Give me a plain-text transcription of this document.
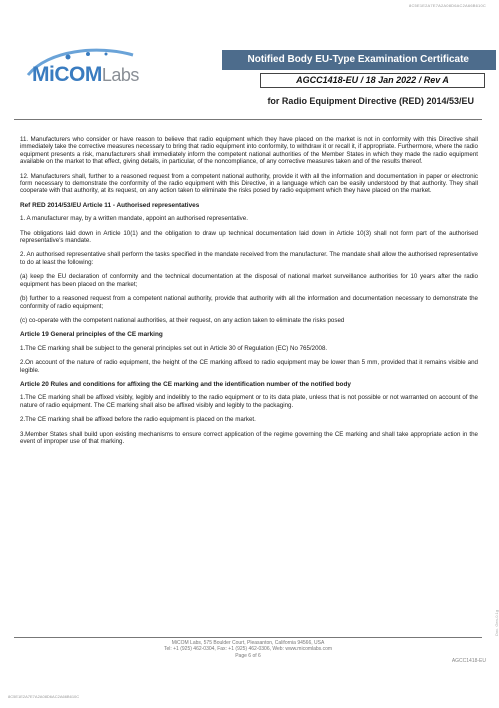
8C5E1E2A7E7A2A08D6AC2A66B610C
MiCOMLabs
Notified Body EU-Type Examination Certificate
AGCC1418-EU / 18 Jan 2022 / Rev A
for Radio Equipment Directive (RED) 2014/53/EU

11. Manufacturers who consider or have reason to believe that radio equipment which they have placed on the market is not in conformity with this Directive shall immediately take the corrective measures necessary to bring that radio equipment into conformity, to withdraw it or recall it, if appropriate. Furthermore, where the radio equipment presents a risk, manufacturers shall immediately inform the competent national authorities of the Member States in which they made the radio equipment available on the market to that effect, giving details, in particular, of the noncompliance, of any corrective measures taken and of the results thereof.

12. Manufacturers shall, further to a reasoned request from a competent national authority, provide it with all the information and documentation in paper or electronic form necessary to demonstrate the conformity of the radio equipment with this Directive, in a language which can be easily understood by that authority. They shall cooperate with that authority, at its request, on any action taken to eliminate the risks posed by radio equipment which they have placed on the market.

Ref RED 2014/53/EU Article 11 - Authorised representatives

1. A manufacturer may, by a written mandate, appoint an authorised representative.

The obligations laid down in Article 10(1) and the obligation to draw up technical documentation laid down in Article 10(3) shall not form part of the authorised representative's mandate.

2. An authorised representative shall perform the tasks specified in the mandate received from the manufacturer. The mandate shall allow the authorised representative to do at least the following:

(a) keep the EU declaration of conformity and the technical documentation at the disposal of national market surveillance authorities for 10 years after the radio equipment has been placed on the market;

(b) further to a reasoned request from a competent national authority, provide that authority with all the information and documentation necessary to demonstrate the conformity of radio equipment;

(c) co-operate with the competent national authorities, at their request, on any action taken to eliminate the risks posed

Article 19 General principles of the CE marking

1.The CE marking shall be subject to the general principles set out in Article 30 of Regulation (EC) No 765/2008.

2.On account of the nature of radio equipment, the height of the CE marking affixed to radio equipment may be lower than 5 mm, provided that it remains visible and legible.

Article 20 Rules and conditions for affixing the CE marking and the identification number of the notified body

1.The CE marking shall be affixed visibly, legibly and indelibly to the radio equipment or to its data plate, unless that is not possible or not warranted on account of the nature of radio equipment. The CE marking shall also be affixed visibly and legibly to the packaging.

2.The CE marking shall be affixed before the radio equipment is placed on the market.

3.Member States shall build upon existing mechanisms to ensure correct application of the regime governing the CE marking and shall take appropriate action in the event of improper use of that marking.

Doc. Gen-0.1g
MiCOM Labs, 575 Boulder Court, Pleasanton, California 94566, USA
Tel: +1 (925) 462-0304, Fax: +1 (925) 462-0306, Web: www.micomlabs.com
Page 6 of 6
AGCC1418-EU
8C5E1E2A7E7A2A08D6AC2A66B610C
